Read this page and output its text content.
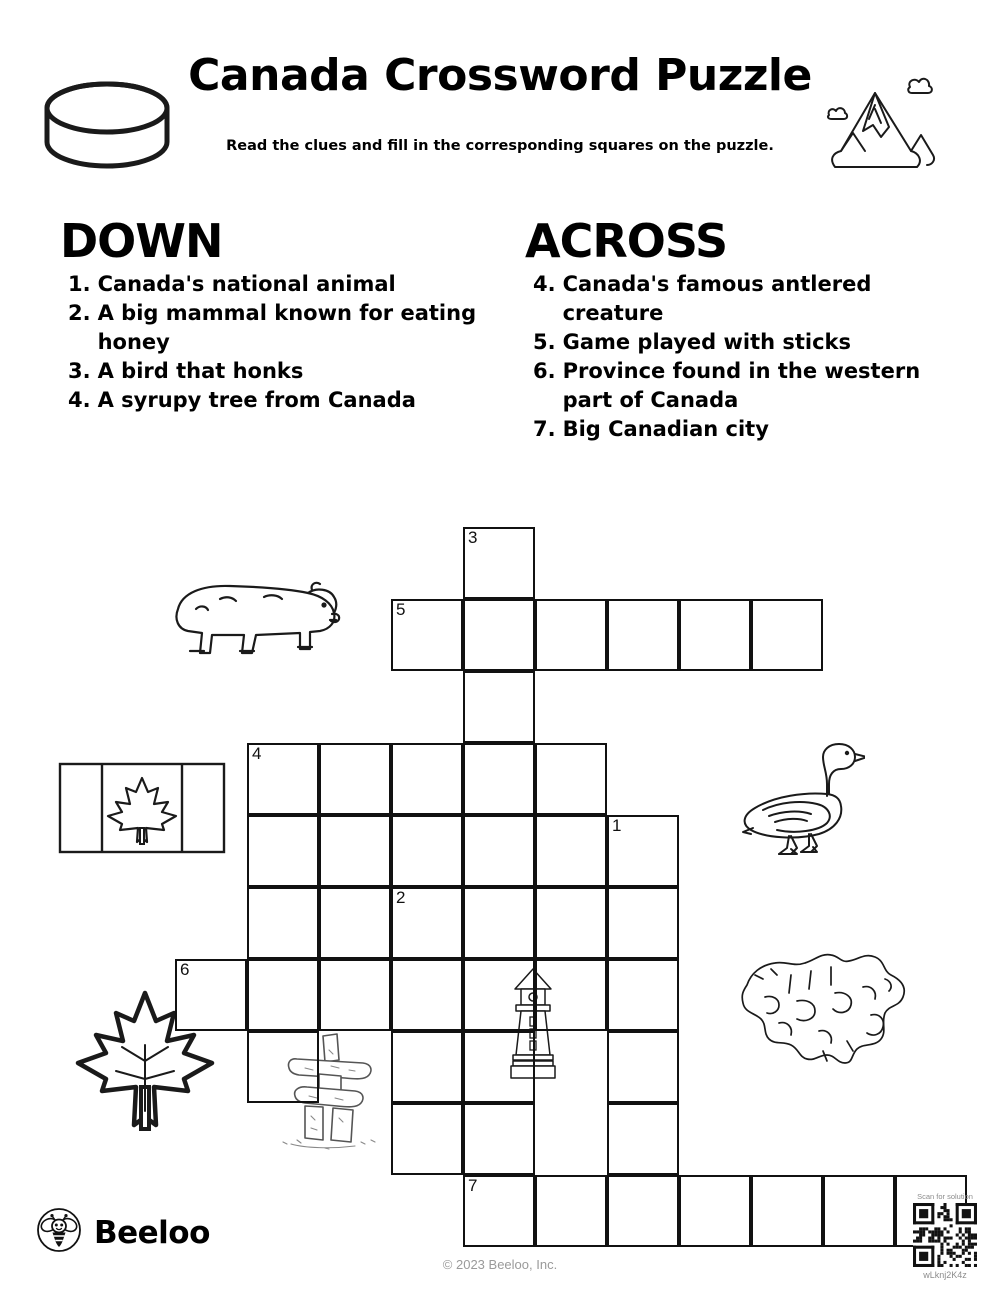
Canada Crossword Puzzle
Read the clues and fill in the corresponding squares on the puzzle.
DOWN
1. Canada's national animal
2. A big mammal known for eating honey
3. A bird that honks
4. A syrupy tree from Canada
ACROSS
4. Canada's famous antlered creature
5. Game played with sticks
6. Province found in the western part of Canada
7. Big Canadian city
3
5
4
1
2
6
7
Beeloo
© 2023 Beeloo, Inc.
Scan for solution
wLknj2K4z
